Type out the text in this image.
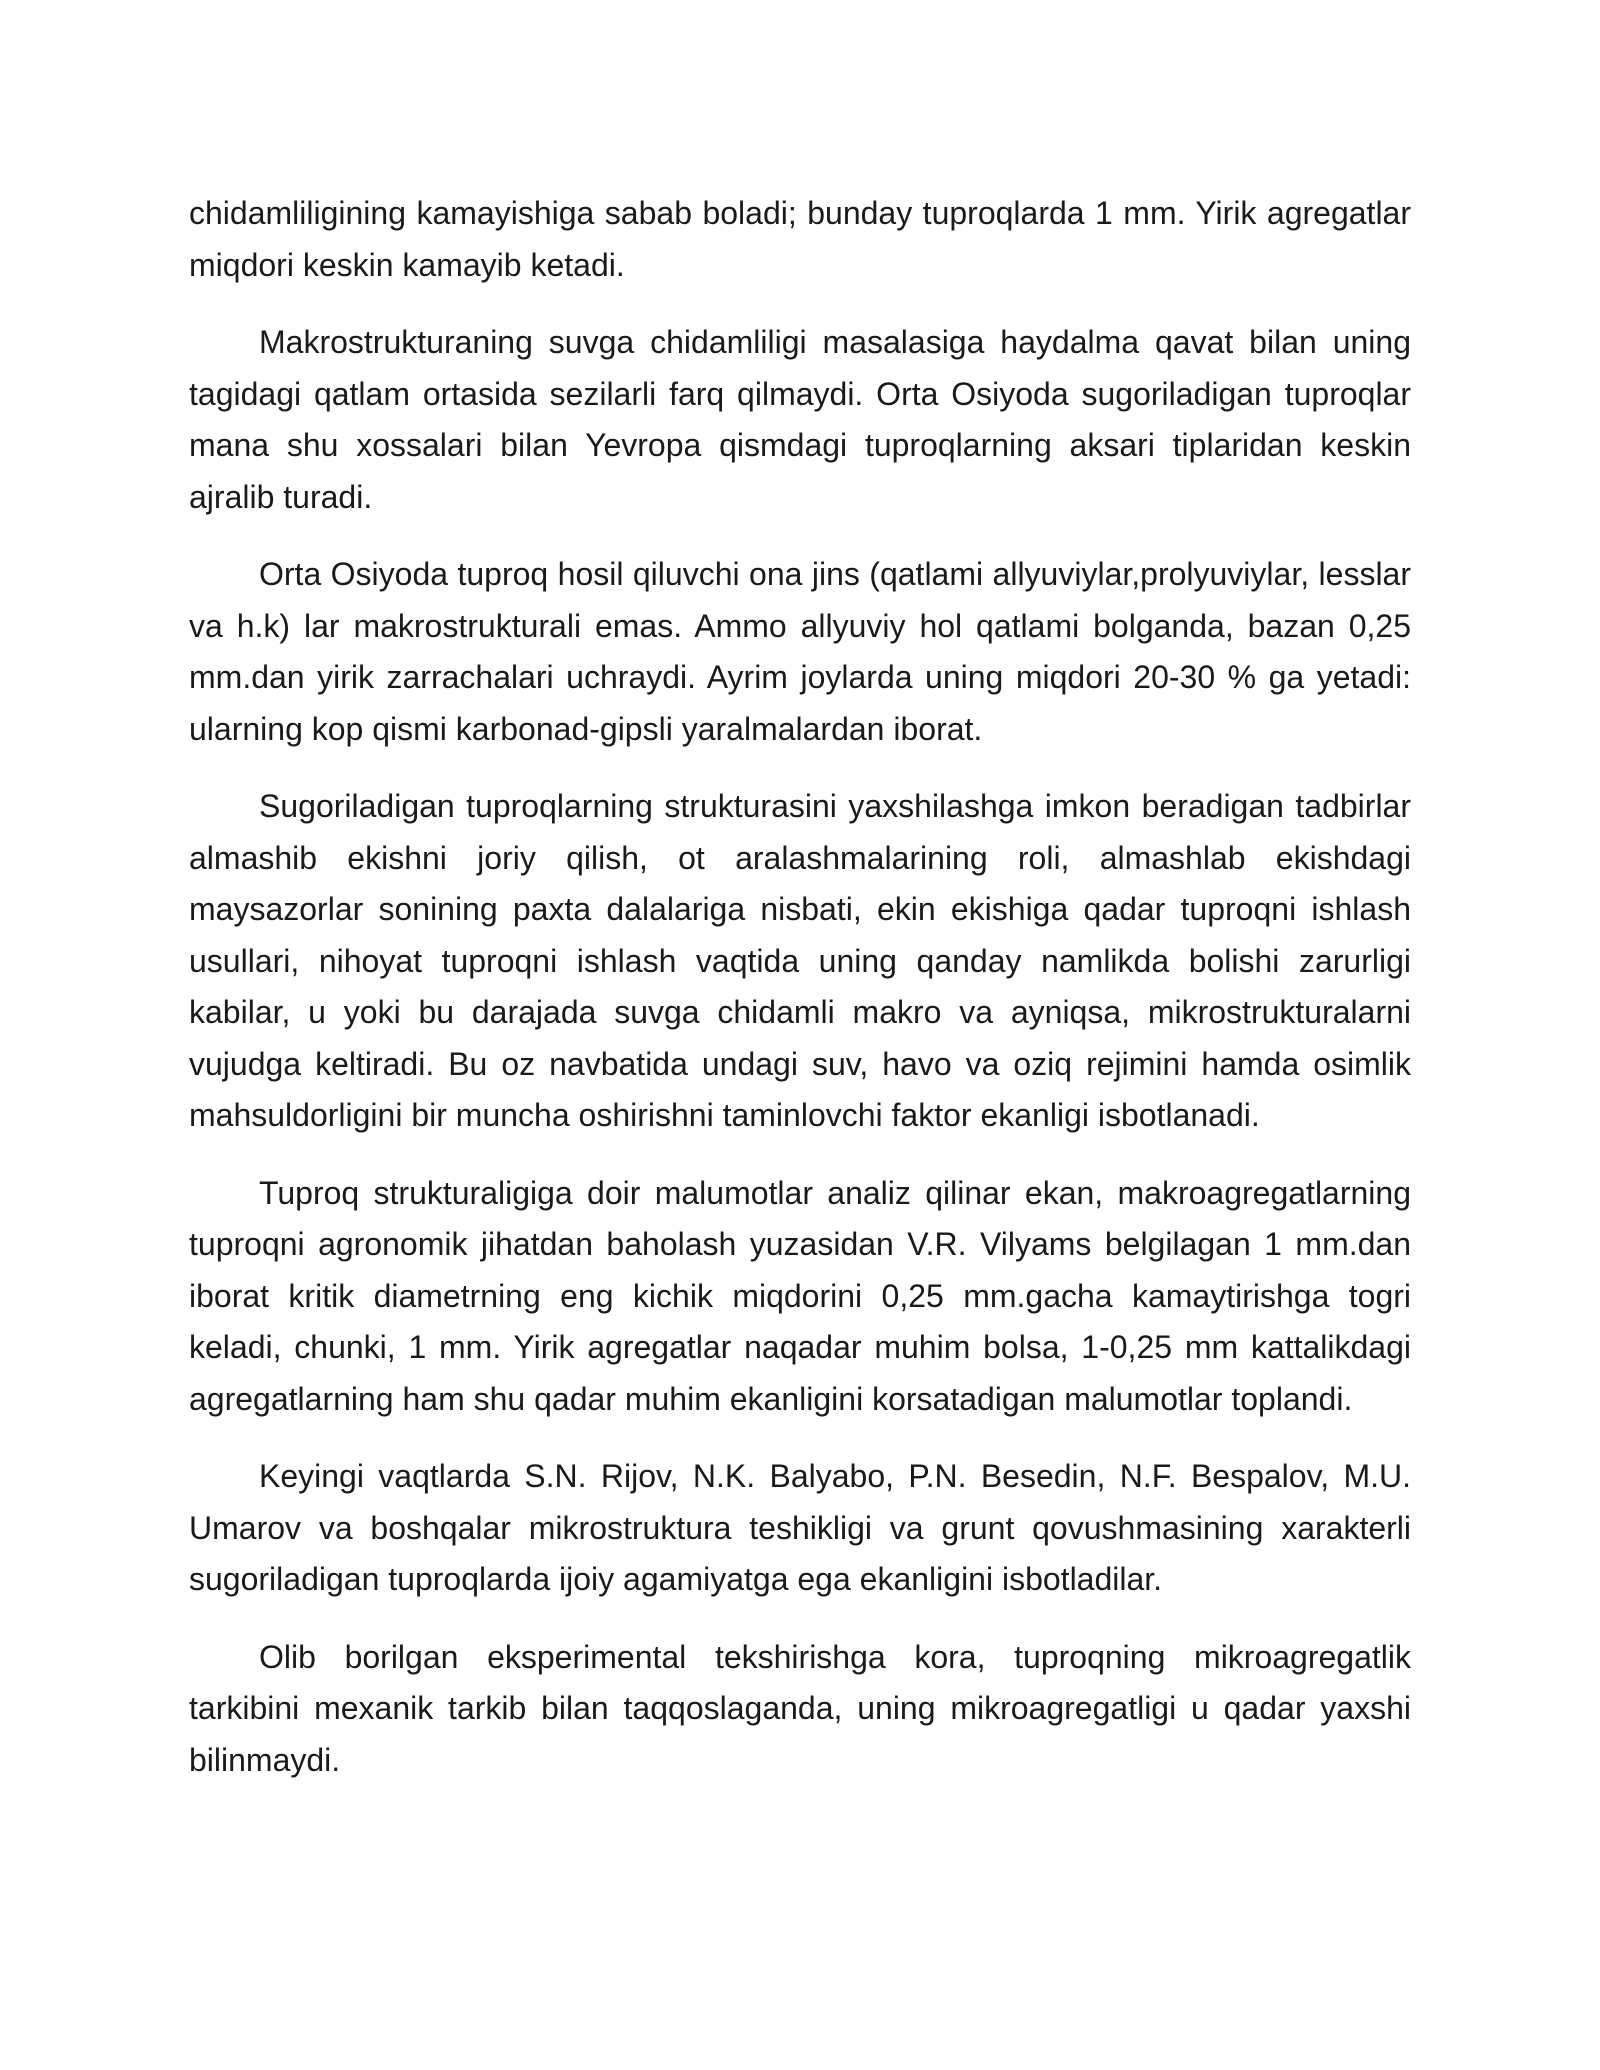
chidamliligining kamayishiga sabab boladi; bunday tuproqlarda 1 mm. Yirik agregatlar miqdori keskin kamayib ketadi.

Makrostrukturaning suvga chidamliligi masalasiga haydalma qavat bilan uning tagidagi qatlam ortasida sezilarli farq qilmaydi. Orta Osiyoda sugoriladigan tuproqlar mana shu xossalari bilan Yevropa qismdagi tuproqlarning aksari tiplaridan keskin ajralib turadi.

Orta Osiyoda tuproq hosil qiluvchi ona jins (qatlami allyuviylar,prolyuviylar, lesslar va h.k) lar makrostrukturali emas. Ammo allyuviy hol qatlami bolganda, bazan 0,25 mm.dan yirik zarrachalari uchraydi. Ayrim joylarda uning miqdori 20-30 % ga yetadi: ularning kop qismi karbonad-gipsli yaralmalardan iborat.

Sugoriladigan tuproqlarning strukturasini yaxshilashga imkon beradigan tadbirlar almashib ekishni joriy qilish, ot aralashmalarining roli, almashlab ekishdagi maysazorlar sonining paxta dalalariga nisbati, ekin ekishiga qadar tuproqni ishlash usullari, nihoyat tuproqni ishlash vaqtida uning qanday namlikda bolishi zarurligi kabilar, u yoki bu darajada suvga chidamli makro va ayniqsa, mikrostrukturalarni vujudga keltiradi. Bu oz navbatida undagi suv, havo va oziq rejimini hamda osimlik mahsuldorligini bir muncha oshirishni taminlovchi faktor ekanligi isbotlanadi.

Tuproq strukturaligiga doir malumotlar analiz qilinar ekan, makroagregatlarning tuproqni agronomik jihatdan baholash yuzasidan V.R. Vilyams belgilagan 1 mm.dan iborat kritik diametrning eng kichik miqdorini 0,25 mm.gacha kamaytirishga togri keladi, chunki, 1 mm. Yirik agregatlar naqadar muhim bolsa, 1-0,25 mm kattalikdagi agregatlarning ham shu qadar muhim ekanligini korsatadigan malumotlar toplandi.

Keyingi vaqtlarda S.N. Rijov, N.K. Balyabo, P.N. Besedin, N.F. Bespalov, M.U. Umarov va boshqalar mikrostruktura teshikligi va grunt qovushmasining xarakterli sugoriladigan tuproqlarda ijoiy agamiyatga ega ekanligini isbotladilar.

Olib borilgan eksperimental tekshirishga kora, tuproqning mikroagregatlik tarkibini mexanik tarkib bilan taqqoslaganda, uning mikroagregatligi u qadar yaxshi bilinmaydi.
